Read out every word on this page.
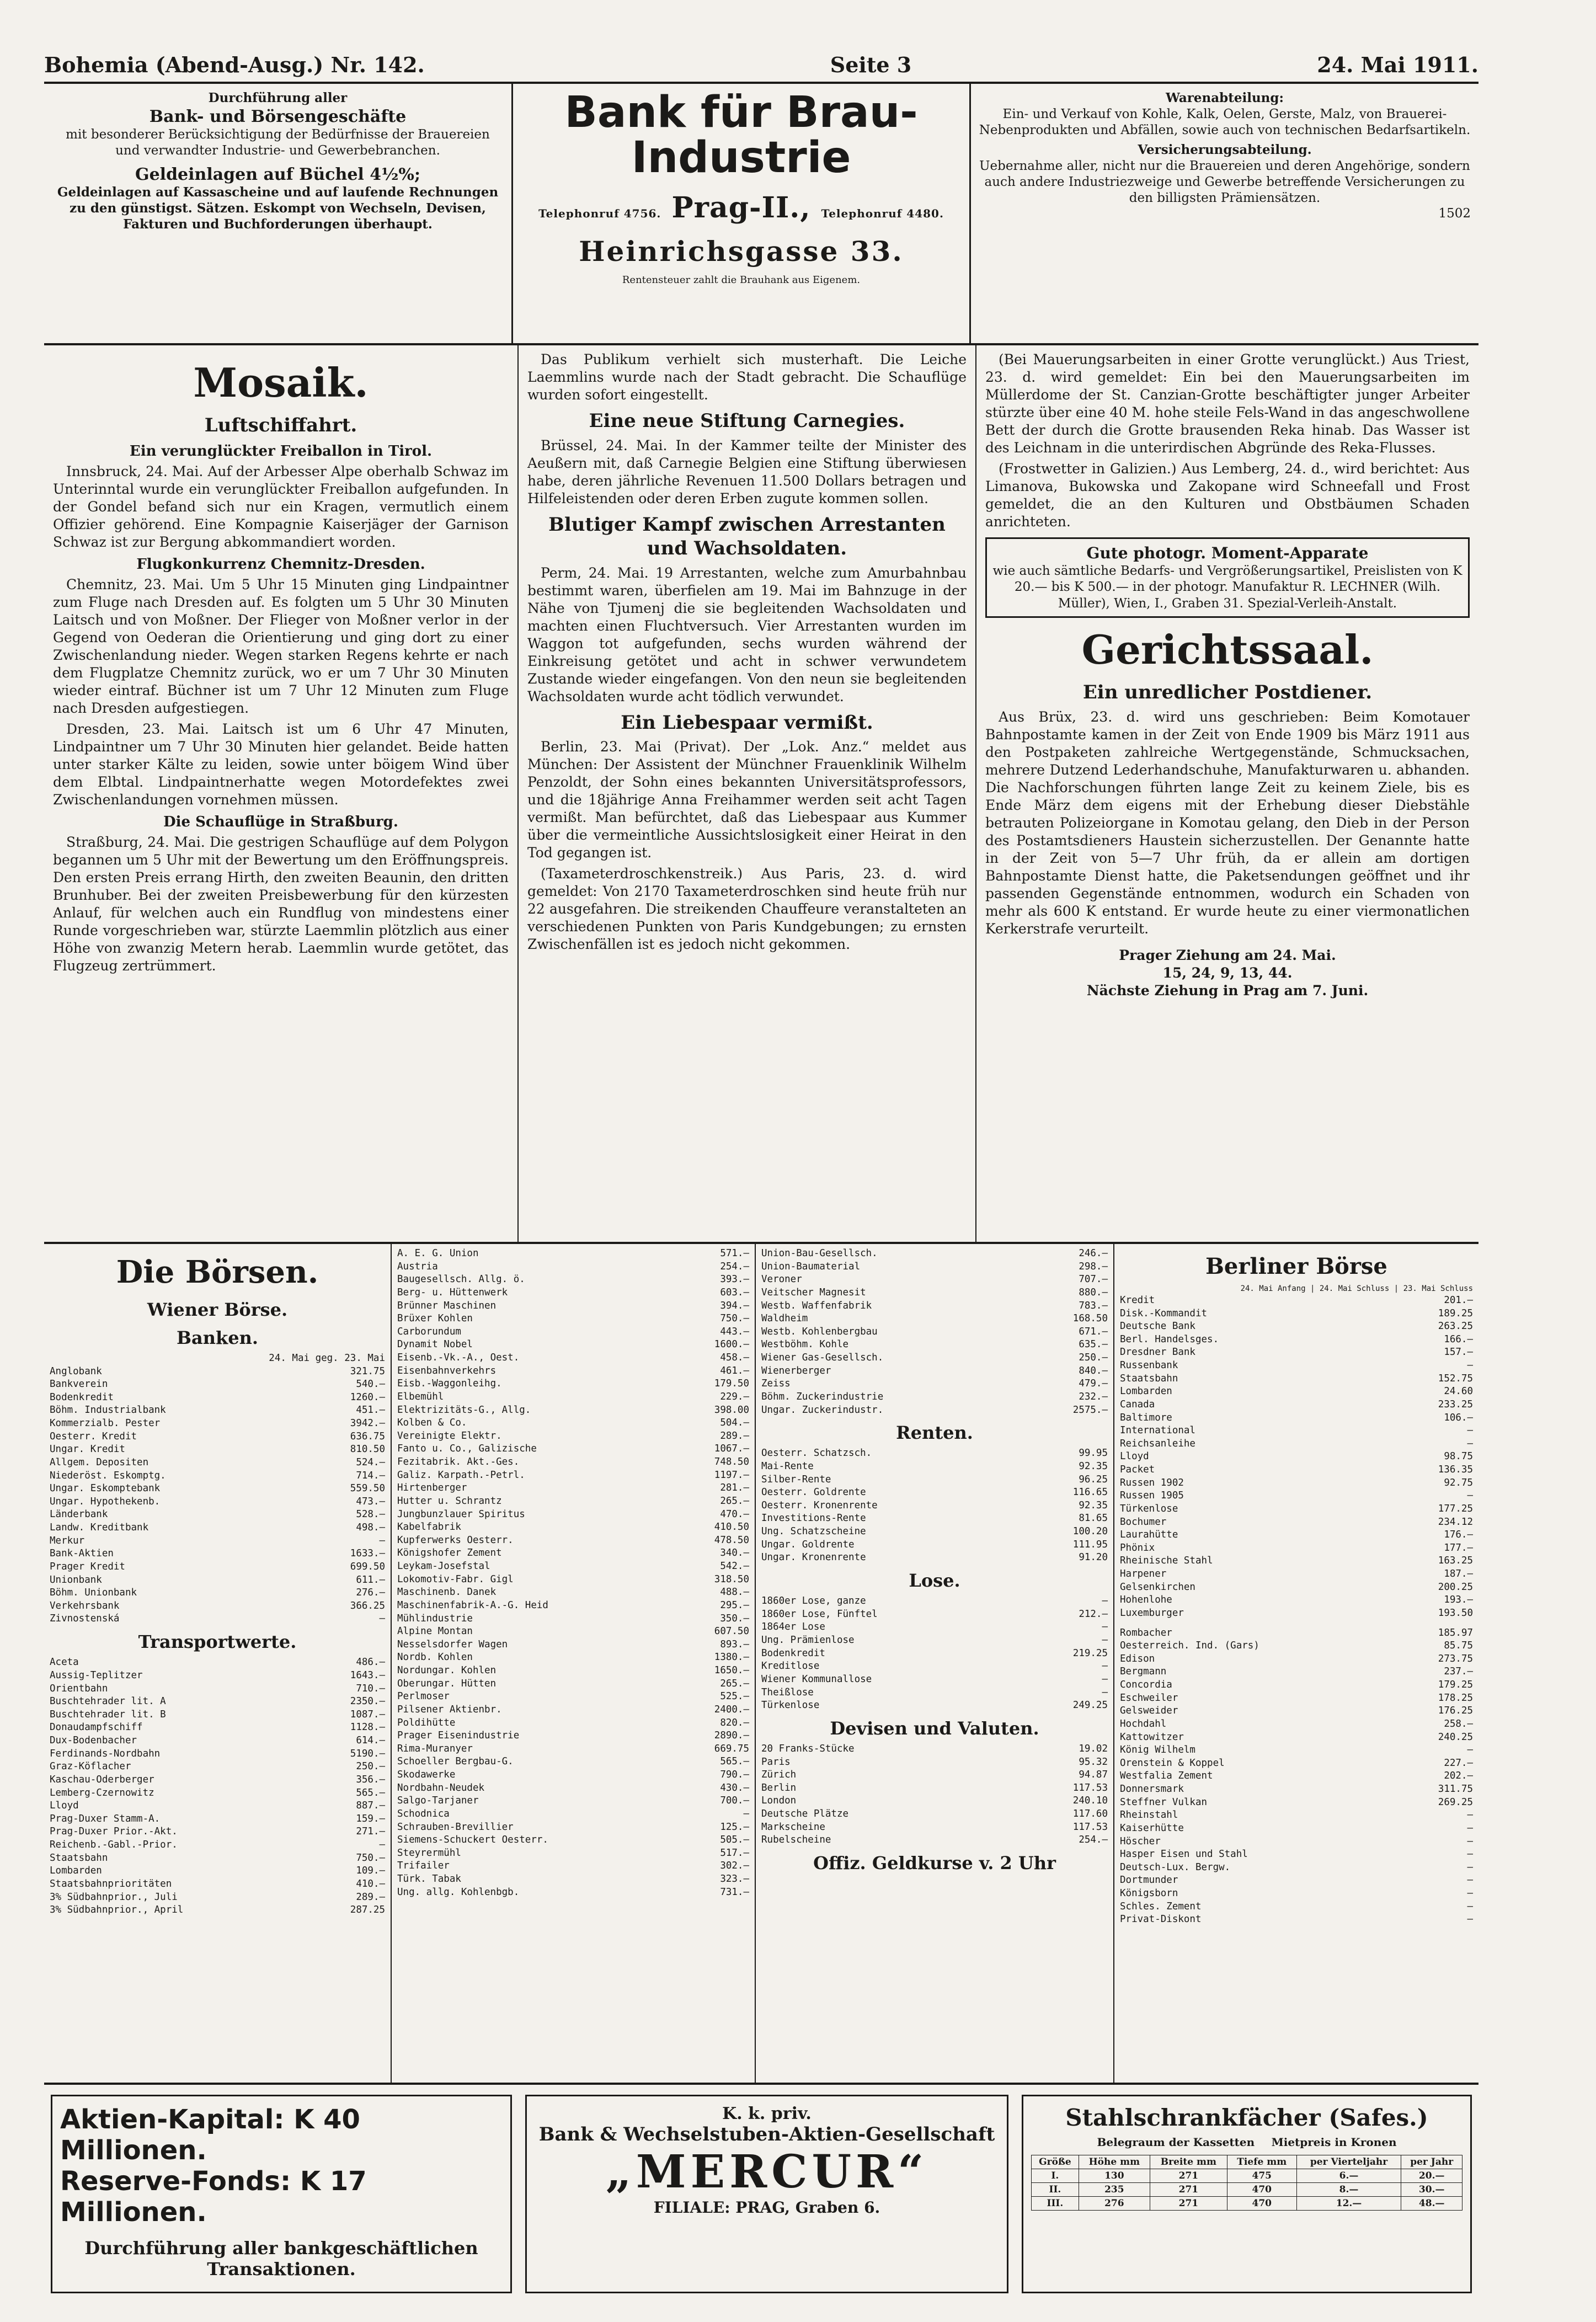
Bohemia (Abend-Ausg.) Nr. 142.	Seite 3	24. Mai 1911.
Durchführung aller
Bank- und Börsengeschäfte
mit besonderer Berücksichtigung der Bedürfnisse der Brauereien und verwandter Industrie- und Gewerbebranchen.
Geldeinlagen auf Büchel 4½%;
Geldeinlagen auf Kassascheine und auf laufende Rechnungen zu den günstigst. Sätzen. Eskompt von Wechseln, Devisen, Fakturen und Buchforderungen überhaupt.
Bank für Brau-Industrie
Telephonruf 4756. Prag-II., Telephonruf 4480.
Heinrichsgasse 33.
Rentensteuer zahlt die Brauhank aus Eigenem.
Warenabteilung:
Ein- und Verkauf von Kohle, Kalk, Oelen, Gerste, Malz, von Brauerei-Nebenprodukten und Abfällen, sowie auch von technischen Bedarfsartikeln.
Versicherungsabteilung.
Uebernahme aller, nicht nur die Brauereien und deren Angehörige, sondern auch andere Industriezweige und Gewerbe betreffende Versicherungen zu den billigsten Prämiensätzen.
1502
Mosaik.
Luftschiffahrt.
Ein verunglückter Freiballon in Tirol.

Innsbruck, 24. Mai. Auf der Arbesser Alpe oberhalb Schwaz im Unterinntal wurde ein verunglückter Freiballon aufgefunden. In der Gondel befand sich nur ein Kragen, vermutlich einem Offizier gehörend. Eine Kompagnie Kaiserjäger der Garnison Schwaz ist zur Bergung abkommandiert worden.

Flugkonkurrenz Chemnitz-Dresden.

Chemnitz, 23. Mai. Um 5 Uhr 15 Minuten ging Lindpaintner zum Fluge nach Dresden auf. Es folgten um 5 Uhr 30 Minuten Laitsch und von Moßner. Der Flieger von Moßner verlor in der Gegend von Oederan die Orientierung und ging dort zu einer Zwischenlandung nieder. Wegen starken Regens kehrte er nach dem Flugplatze Chemnitz zurück, wo er um 7 Uhr 30 Minuten wieder eintraf. Büchner ist um 7 Uhr 12 Minuten zum Fluge nach Dresden aufgestiegen.

Dresden, 23. Mai. Laitsch ist um 6 Uhr 47 Minuten, Lindpaintner um 7 Uhr 30 Minuten hier gelandet. Beide hatten unter starker Kälte zu leiden, sowie unter böigem Wind über dem Elbtal. Lindpaintnerhatte wegen Motordefektes zwei Zwischenlandungen vornehmen müssen.

Die Schauflüge in Straßburg.

Straßburg, 24. Mai. Die gestrigen Schauflüge auf dem Polygon begannen um 5 Uhr mit der Bewertung um den Eröffnungspreis. Den ersten Preis errang Hirth, den zweiten Beaunin, den dritten Brunhuber. Bei der zweiten Preisbewerbung für den kürzesten Anlauf, für welchen auch ein Rundflug von mindestens einer Runde vorgeschrieben war, stürzte Laemmlin plötzlich aus einer Höhe von zwanzig Metern herab. Laemmlin wurde getötet, das Flugzeug zertrümmert.

Das Publikum verhielt sich musterhaft. Die Leiche Laemmlins wurde nach der Stadt gebracht. Die Schauflüge wurden sofort eingestellt.

Eine neue Stiftung Carnegies.

Brüssel, 24. Mai. In der Kammer teilte der Minister des Aeußern mit, daß Carnegie Belgien eine Stiftung überwiesen habe, deren jährliche Revenuen 11.500 Dollars betragen und Hilfeleistenden oder deren Erben zugute kommen sollen.

Blutiger Kampf zwischen Arrestanten und Wachsoldaten.

Perm, 24. Mai. 19 Arrestanten, welche zum Amurbahnbau bestimmt waren, überfielen am 19. Mai im Bahnzuge in der Nähe von Tjumenj die sie begleitenden Wachsoldaten und machten einen Fluchtversuch. Vier Arrestanten wurden im Waggon tot aufgefunden, sechs wurden während der Einkreisung getötet und acht in schwer verwundetem Zustande wieder eingefangen. Von den neun sie begleitenden Wachsoldaten wurde acht tödlich verwundet.

Ein Liebespaar vermißt.

Berlin, 23. Mai (Privat). Der „Lok. Anz.“ meldet aus München: Der Assistent der Münchner Frauenklinik Wilhelm Penzoldt, der Sohn eines bekannten Universitätsprofessors, und die 18jährige Anna Freihammer werden seit acht Tagen vermißt. Man befürchtet, daß das Liebespaar aus Kummer über die vermeintliche Aussichtslosigkeit einer Heirat in den Tod gegangen ist.

(Taxameterdroschkenstreik.) Aus Paris, 23. d. wird gemeldet: Von 2170 Taxameterdroschken sind heute früh nur 22 ausgefahren. Die streikenden Chauffeure veranstalteten an verschiedenen Punkten von Paris Kundgebungen; zu ernsten Zwischenfällen ist es jedoch nicht gekommen.

(Bei Mauerungsarbeiten in einer Grotte verunglückt.) Aus Triest, 23. d. wird gemeldet: Ein bei den Mauerungsarbeiten im Müllerdome der St. Canzian-Grotte beschäftigter junger Arbeiter stürzte über eine 40 M. hohe steile Fels-Wand in das angeschwollene Bett der durch die Grotte brausenden Reka hinab. Das Wasser ist des Leichnam in die unterirdischen Abgründe des Reka-Flusses.

(Frostwetter in Galizien.) Aus Lemberg, 24. d., wird berichtet: Aus Limanova, Bukowska und Zakopane wird Schneefall und Frost gemeldet, die an den Kulturen und Obstbäumen Schaden anrichteten.

Gute photogr. Moment-Apparate
wie auch sämtliche Bedarfs- und Vergrößerungsartikel, Preislisten von K 20.— bis K 500.— in der photogr. Manufaktur R. LECHNER (Wilh. Müller), Wien, I., Graben 31. Spezial-Verleih-Anstalt.
Gerichtssaal.
Ein unredlicher Postdiener.

Aus Brüx, 23. d. wird uns geschrieben: Beim Komotauer Bahnpostamte kamen in der Zeit von Ende 1909 bis März 1911 aus den Postpaketen zahlreiche Wertgegenstände, Schmucksachen, mehrere Dutzend Lederhandschuhe, Manufakturwaren u. abhanden. Die Nachforschungen führten lange Zeit zu keinem Ziele, bis es Ende März dem eigens mit der Erhebung dieser Diebstähle betrauten Polizeiorgane in Komotau gelang, den Dieb in der Person des Postamtsdieners Haustein sicherzustellen. Der Genannte hatte in der Zeit von 5—7 Uhr früh, da er allein am dortigen Bahnpostamte Dienst hatte, die Paketsendungen geöffnet und ihr passenden Gegenstände entnommen, wodurch ein Schaden von mehr als 600 K entstand. Er wurde heute zu einer viermonatlichen Kerkerstrafe verurteilt.

Prager Ziehung am 24. Mai.
15, 24, 9, 13, 44.
Nächste Ziehung in Prag am 7. Juni.
Die Börsen.
Wiener Börse.
Banken.
24. Mai geg. 23. Mai
Anglobank	321.75
Bankverein	540.—
Bodenkredit	1260.—
Böhm. Industrialbank	451.—
Kommerzialb. Pester	3942.—
Oesterr. Kredit	636.75
Ungar. Kredit	810.50
Allgem. Depositen	524.—
Niederöst. Eskomptg.	714.—
Ungar. Eskomptebank	559.50
Ungar. Hypothekenb.	473.—
Länderbank	528.—
Landw. Kreditbank	498.—
Merkur	—
Bank-Aktien	1633.—
Prager Kredit	699.50
Unionbank	611.—
Böhm. Unionbank	276.—
Verkehrsbank	366.25
Zivnostenská	—
Transportwerte.
Aceta	486.—
Aussig-Teplitzer	1643.—
Orientbahn	710.—
Buschtehrader lit. A	2350.—
Buschtehrader lit. B	1087.—
Donaudampfschiff	1128.—
Dux-Bodenbacher	614.—
Ferdinands-Nordbahn	5190.—
Graz-Köflacher	250.—
Kaschau-Oderberger	356.—
Lemberg-Czernowitz	565.—
Lloyd	887.—
Prag-Duxer Stamm-A.	159.—
Prag-Duxer Prior.-Akt.	271.—
Reichenb.-Gabl.-Prior.	—
Staatsbahn	750.—
Lombarden	109.—
Staatsbahnprioritäten	410.—
3% Südbahnprior., Juli	289.—
3% Südbahnprior., April	287.25
A. E. G. Union	571.—
Austria	254.—
Baugesellsch. Allg. ö.	393.—
Berg- u. Hüttenwerk	603.—
Brünner Maschinen	394.—
Brüxer Kohlen	750.—
Carborundum	443.—
Dynamit Nobel	1600.—
Eisenb.-Vk.-A., Oest.	458.—
Eisenbahnverkehrs	461.—
Eisb.-Waggonleihg.	179.50
Elbemühl	229.—
Elektrizitäts-G., Allg.	398.00
Kolben & Co.	504.—
Vereinigte Elektr.	289.—
Fanto u. Co., Galizische	1067.—
Fezitabrik. Akt.-Ges.	748.50
Galiz. Karpath.-Petrl.	1197.—
Hirtenberger	281.—
Hutter u. Schrantz	265.—
Jungbunzlauer Spiritus	470.—
Kabelfabrik	410.50
Kupferwerks Oesterr.	478.50
Königshofer Zement	340.—
Leykam-Josefstal	542.—
Lokomotiv-Fabr. Gigl	318.50
Maschinenb. Danek	488.—
Maschinenfabrik-A.-G. Heid	295.—
Mühlindustrie	350.—
Alpine Montan	607.50
Nesselsdorfer Wagen	893.—
Nordb. Kohlen	1380.—
Nordungar. Kohlen	1650.—
Oberungar. Hütten	265.—
Perlmoser	525.—
Pilsener Aktienbr.	2400.—
Poldihütte	820.—
Prager Eisenindustrie	2890.—
Rima-Muranyer	669.75
Schoeller Bergbau-G.	565.—
Skodawerke	790.—
Nordbahn-Neudek	430.—
Salgo-Tarjaner	700.—
Schodnica	—
Schrauben-Brevillier	125.—
Siemens-Schuckert Oesterr.	505.—
Steyrermühl	517.—
Trifailer	302.—
Türk. Tabak	323.—
Ung. allg. Kohlenbgb.	731.—
Union-Bau-Gesellsch.	246.—
Union-Baumaterial	298.—
Veroner	707.—
Veitscher Magnesit	880.—
Westb. Waffenfabrik	783.—
Waldheim	168.50
Westb. Kohlenbergbau	671.—
Westböhm. Kohle	635.—
Wiener Gas-Gesellsch.	250.—
Wienerberger	840.—
Zeiss	479.—
Böhm. Zuckerindustrie	232.—
Ungar. Zuckerindustr.	2575.—
Renten.
Oesterr. Schatzsch.	99.95
Mai-Rente	92.35
Silber-Rente	96.25
Oesterr. Goldrente	116.65
Oesterr. Kronenrente	92.35
Investitions-Rente	81.65
Ung. Schatzscheine	100.20
Ungar. Goldrente	111.95
Ungar. Kronenrente	91.20
Lose.
1860er Lose, ganze	—
1860er Lose, Fünftel	212.—
1864er Lose	—
Ung. Prämienlose	—
Bodenkredit	219.25
Kreditlose	—
Wiener Kommunallose	—
Theißlose	—
Türkenlose	249.25
Devisen und Valuten.
20 Franks-Stücke	19.02
Paris	95.32
Zürich	94.87
Berlin	117.53
London	240.10
Deutsche Plätze	117.60
Markscheine	117.53
Rubelscheine	254.—
Offiz. Geldkurse v. 2 Uhr
Berliner Börse
24. Mai Anfang | 24. Mai Schluss | 23. Mai Schluss
Kredit	201.—
Disk.-Kommandit	189.25
Deutsche Bank	263.25
Berl. Handelsges.	166.—
Dresdner Bank	157.—
Russenbank	—
Staatsbahn	152.75
Lombarden	24.60
Canada	233.25
Baltimore	106.—
International	—
Reichsanleihe	—
Lloyd	98.75
Packet	136.35
Russen 1902	92.75
Russen 1905	—
Türkenlose	177.25
Bochumer	234.12
Laurahütte	176.—
Phönix	177.—
Rheinische Stahl	163.25
Harpener	187.—
Gelsenkirchen	200.25
Hohenlohe	193.—
Luxemburger	193.50
Rombacher	185.97
Oesterreich. Ind. (Gars)	85.75
Edison	273.75
Bergmann	237.—
Concordia	179.25
Eschweiler	178.25
Gelsweider	176.25
Hochdahl	258.—
Kattowitzer	240.25
König Wilhelm	—
Orenstein & Koppel	227.—
Westfalia Zement	202.—
Donnersmark	311.75
Steffner Vulkan	269.25
Rheinstahl	—
Kaiserhütte	—
Höscher	—
Hasper Eisen und Stahl	—
Deutsch-Lux. Bergw.	—
Dortmunder	—
Königsborn	—
Schles. Zement	—
Privat-Diskont	—
Aktien-Kapital: K 40 Millionen.
Reserve-Fonds: K 17 Millionen.
Durchführung aller bankgeschäftlichen Transaktionen.
K. k. priv.
Bank & Wechselstuben-Aktien-Gesellschaft
„MERCUR“
FILIALE: PRAG, Graben 6.
Stahlschrankfächer (Safes.)
Belegraum der Kassetten Mietpreis in Kronen
Größe	Höhe mm	Breite mm	Tiefe mm	per Vierteljahr	per Jahr
I.	130	271	475	6.—	20.—
II.	235	271	470	8.—	30.—
III.	276	271	470	12.—	48.—
